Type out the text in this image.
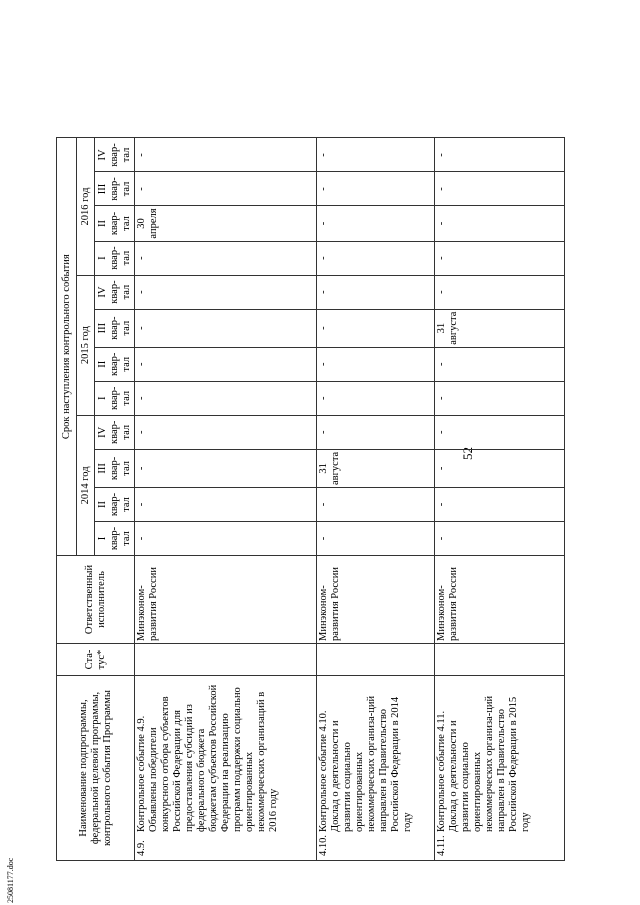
52
25081177.doc
Наименование подпрограммы, федеральной целевой программы, контрольного события Программы	Ста-тус*	Ответственный исполнитель	Срок наступления контрольного события											
			2014 год				2015 год				2016 год			

			I квар-тал	II квар-тал	III квар-тал	IV квар-тал	I квар-тал	II квар-тал	III квар-тал	IV квар-тал	I квар-тал	II квар-тал	III квар-тал	IV квар-тал

4.9.Контрольное событие 4.9. Объявлены победители конкурсного отбора субъектов Российской Федерации для предоставления субсидий из федерального бюджета бюджетам субъектов Российской Федерации на реализацию программ поддержки социально ориентированных некоммерческих организаций в 2016 году		Минэконом-развития России	-	-	-	-	-	-	-	-	-	30 апреля	-	-
4.10.Контрольное событие 4.10. Доклад о деятельности и развитии социально ориентированных некоммерческих организа-ций направлен в Правительство Российской Федерации в 2014 году		Минэконом-развития России	-	-	31 августа	-	-	-	-	-	-	-	-	-
4.11.Контрольное событие 4.11. Доклад о деятельности и развитии социально ориентированных некоммерческих организа-ций направлен в Правительство Российской Федерации в 2015 году		Минэконом-развития России	-	-	-	-	-	-	31 августа	-	-	-	-	-
